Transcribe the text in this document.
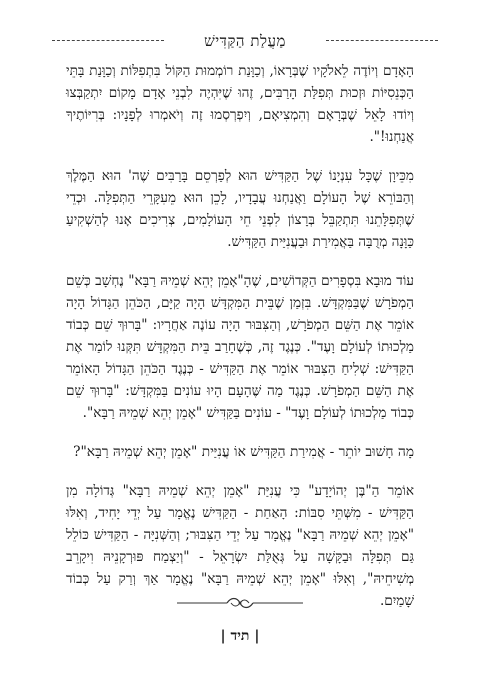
מַעֲלַת הַקַּדִּישׁ

הָאָדָם וְיוֹדֶה לֵאלֹקָיו שֶׁבְּרָאוֹ, וְכַוָּנַת רוֹמְמוּת הַקּוֹל בִּתְפִלּוֹת וְכַוָּנַת בָּתֵּי הַכְּנֵסִיּוֹת וּזְכוּת תְּפִלַּת הָרַבִּים, זֶהוּ שֶׁיִּהְיֶה לִבְנֵי אָדָם מָקוֹם יִתְקַבְּצוּ וְיוֹדוּ לָאֵל שֶׁבְּרָאָם וְהִמְצִיאָם, וְיִפְרְסְמוּ זֶה וְיֹאמְרוּ לְפָנָיו: בְּרִיּוֹתֶיךָ אֲנַחְנוּ!".

מִכֵּיוָן שֶׁכָּל עִנְיָנוֹ שֶׁל הַקַּדִּישׁ הוּא לְפַרְסֵם בָּרַבִּים שֶׁה' הוּא הַמֶּלֶךְ וְהַבּוֹרֵא שֶׁל הָעוֹלָם וַאֲנַחְנוּ עֲבָדָיו, לָכֵן הוּא מֵעִקָּרֵי הַתְּפִלָּה. וּכְדֵי שֶׁתְּפִלָּתֵנוּ תִּתְקַבֵּל בְּרָצוֹן לִפְנֵי חֵי הָעוֹלָמִים, צְרִיכִים אָנוּ לְהַשְׁקִיעַ כַּוָּנָה מְרֻבָּה בַּאֲמִירַת וּבַעֲנִיַּית הַקַּדִּישׁ.

עוֹד מוּבָא בִּסְפָרִים הַקְּדוֹשִׁים, שֶׁהָ"אָמֵן יְהֵא שְׁמֵיהּ רַבָּא" נֶחְשָׁב כְּשֵׁם הַמְפֹרָשׁ שֶׁבַּמִּקְדָּשׁ. בִּזְמַן שֶׁבֵּית הַמִּקְדָּשׁ הָיָה קַיָּם, הַכֹּהֵן הַגָּדוֹל הָיָה אוֹמֵר אֶת הַשֵּׁם הַמְפֹרָשׁ, וְהַצִּבּוּר הָיָה עוֹנֶה אַחֲרָיו: "בָּרוּךְ שֵׁם כְּבוֹד מַלְכוּתוֹ לְעוֹלָם וָעֶד". כְּנֶגֶד זֶה, כְּשֶׁחָרַב בֵּית הַמִּקְדָּשׁ תִּקְּנוּ לוֹמַר אֶת הַקַּדִּישׁ: שְׁלִיחַ הַצִּבּוּר אוֹמֵר אֶת הַקַּדִּישׁ - כְּנֶגֶד הַכֹּהֵן הַגָּדוֹל הָאוֹמֵר אֶת הַשֵּׁם הַמְפֹרָשׁ. כְּנֶגֶד מַה שֶּׁהָעָם הָיוּ עוֹנִים בַּמִּקְדָּשׁ: "בָּרוּךְ שֵׁם כְּבוֹד מַלְכוּתוֹ לְעוֹלָם וָעֶד" - עוֹנִים בַּקַּדִּישׁ "אָמֵן יְהֵא שְׁמֵיהּ רַבָּא".

מָה חָשׁוּב יוֹתֵר - אֲמִירַת הַקַּדִּישׁ אוֹ עֲנִיַּית "אָמֵן יְהֵא שְׁמֵיהּ רַבָּא"?

אוֹמֵר הַ"בֶּן יְהוֹיָדָע" כִּי עֲנִיַּת "אָמֵן יְהֵא שְׁמֵיהּ רַבָּא" גְּדוֹלָה מִן הַקַּדִּישׁ - מִשְּׁתֵּי סִבּוֹת: הָאַחַת - הַקַּדִּישׁ נֶאֱמָר עַל יְדֵי יָחִיד, וְאִלּוּ "אָמֵן יְהֵא שְׁמֵיהּ רַבָּא" נֶאֱמָר עַל יְדֵי הַצִּבּוּר; וְהַשְּׁנִיָּה - הַקַּדִּישׁ כּוֹלֵל גַּם תְּפִלָּה וּבַקָּשָׁה עַל גְּאֻלַּת יִשְׂרָאֵל - "וְיַצְמַח פּוּרְקָנֵיהּ וִיקָרֵב מְשִׁיחֵיהּ", וְאִלּוּ "אָמֵן יְהֵא שְׁמֵיהּ רַבָּא" נֶאֱמָר אַךְ וְרַק עַל כְּבוֹד שָׁמַיִם.

| תיד |
